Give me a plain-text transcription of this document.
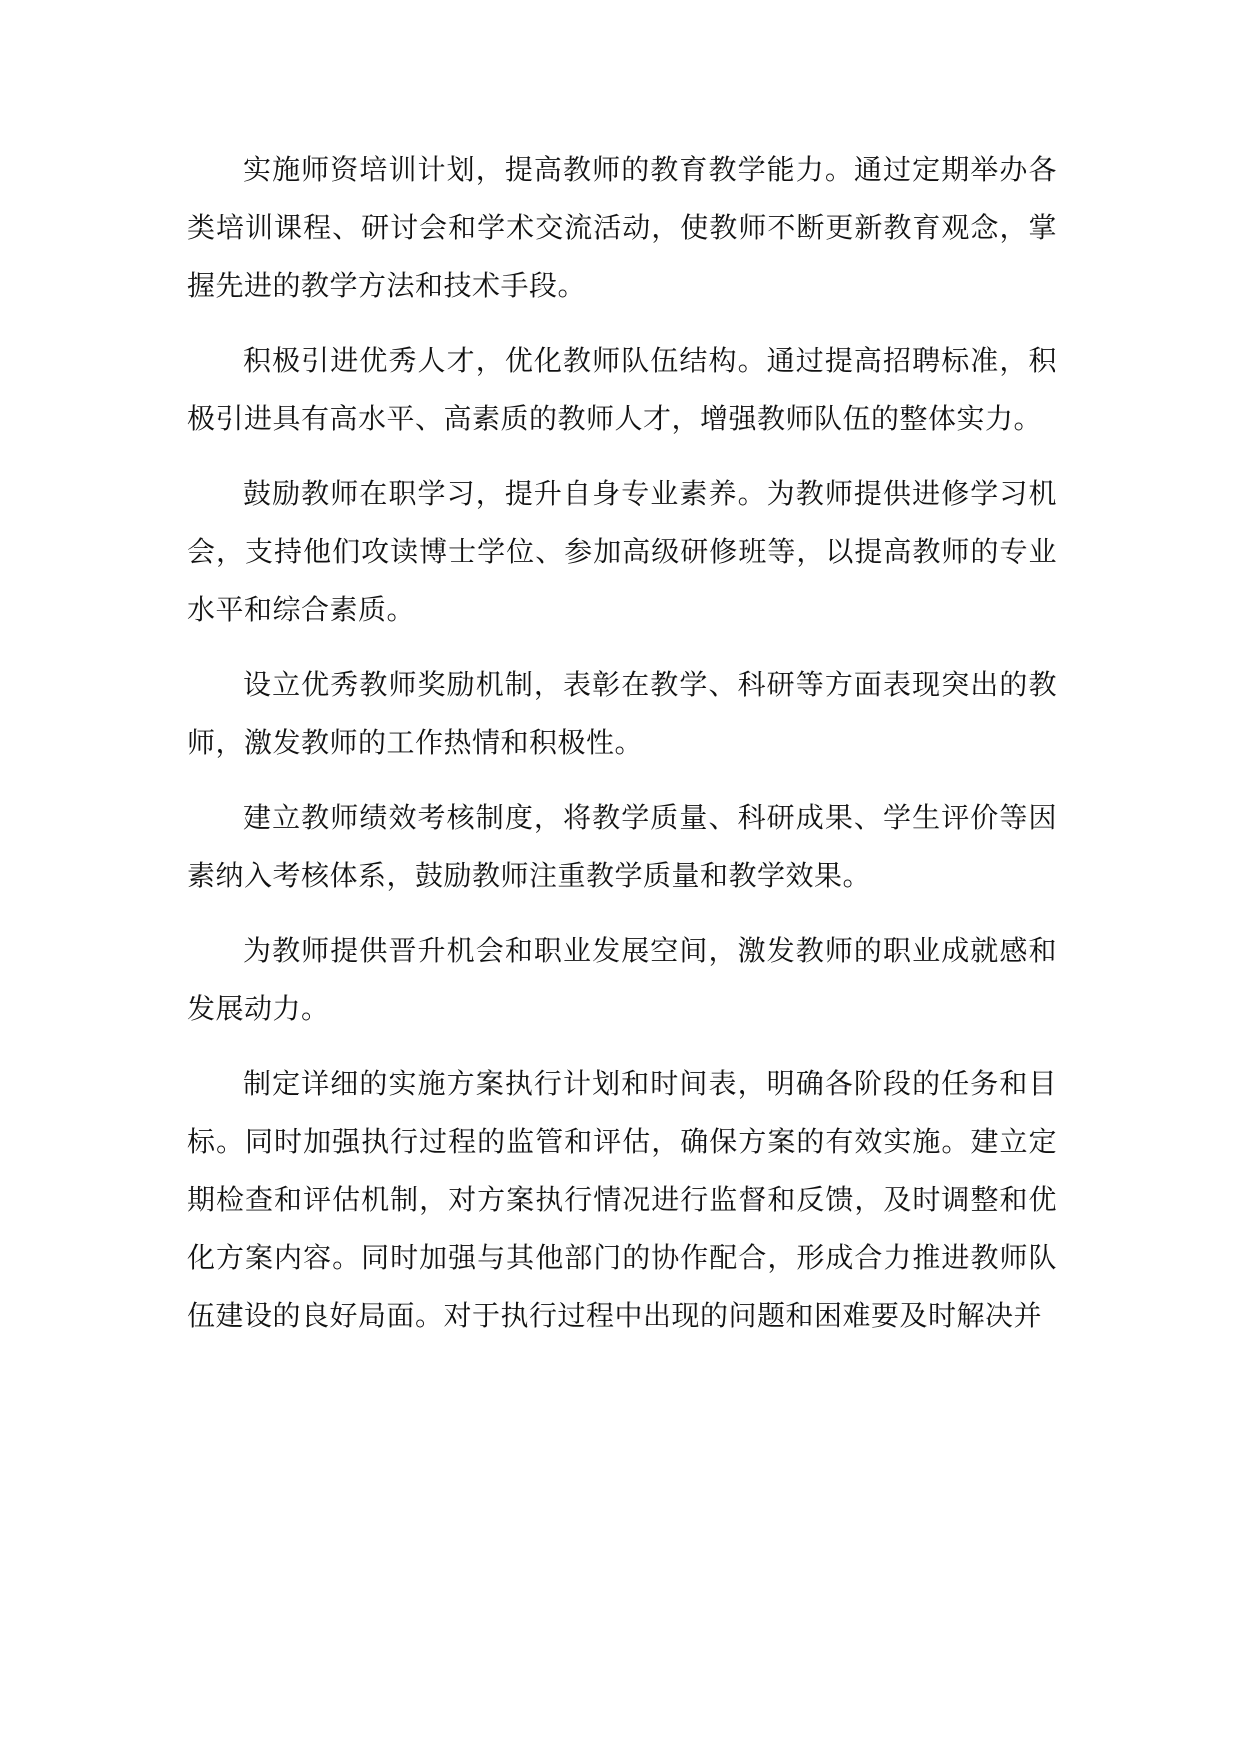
实施师资培训计划，提高教师的教育教学能力。通过定期举办各类培训课程、研讨会和学术交流活动，使教师不断更新教育观念，掌握先进的教学方法和技术手段。

积极引进优秀人才，优化教师队伍结构。通过提高招聘标准，积极引进具有高水平、高素质的教师人才，增强教师队伍的整体实力。

鼓励教师在职学习，提升自身专业素养。为教师提供进修学习机会，支持他们攻读博士学位、参加高级研修班等，以提高教师的专业水平和综合素质。

设立优秀教师奖励机制，表彰在教学、科研等方面表现突出的教师，激发教师的工作热情和积极性。

建立教师绩效考核制度，将教学质量、科研成果、学生评价等因素纳入考核体系，鼓励教师注重教学质量和教学效果。

为教师提供晋升机会和职业发展空间，激发教师的职业成就感和发展动力。

制定详细的实施方案执行计划和时间表，明确各阶段的任务和目标。同时加强执行过程的监管和评估，确保方案的有效实施。建立定期检查和评估机制，对方案执行情况进行监督和反馈，及时调整和优化方案内容。同时加强与其他部门的协作配合，形成合力推进教师队伍建设的良好局面。对于执行过程中出现的问题和困难要及时解决并
